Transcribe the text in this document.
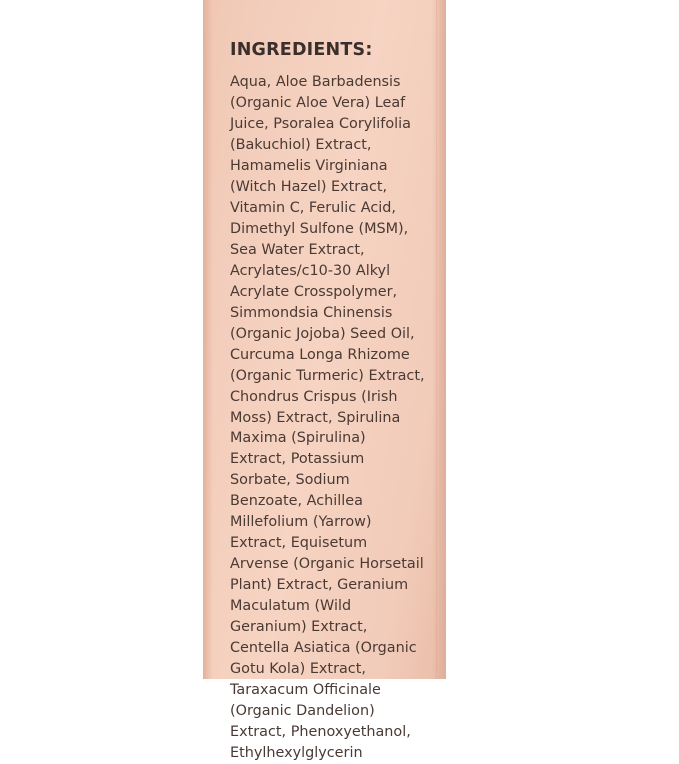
INGREDIENTS:

Aqua, Aloe Barbadensis (Organic Aloe Vera) Leaf Juice, Psoralea Corylifolia (Bakuchiol) Extract, Hamamelis Virginiana (Witch Hazel) Extract, Vitamin C, Ferulic Acid, Dimethyl Sulfone (MSM), Sea Water Extract, Acrylates/c10-30 Alkyl Acrylate Crosspolymer, Simmondsia Chinensis (Organic Jojoba) Seed Oil, Curcuma Longa Rhizome (Organic Turmeric) Extract, Chondrus Crispus (Irish Moss) Extract, Spirulina Maxima (Spirulina) Extract, Potassium Sorbate, Sodium Benzoate, Achillea Millefolium (Yarrow) Extract, Equisetum Arvense (Organic Horsetail Plant) Extract, Geranium Maculatum (Wild Geranium) Extract, Centella Asiatica (Organic Gotu Kola) Extract, Taraxacum Officinale (Organic Dandelion) Extract, Phenoxyethanol, Ethylhexylglycerin
